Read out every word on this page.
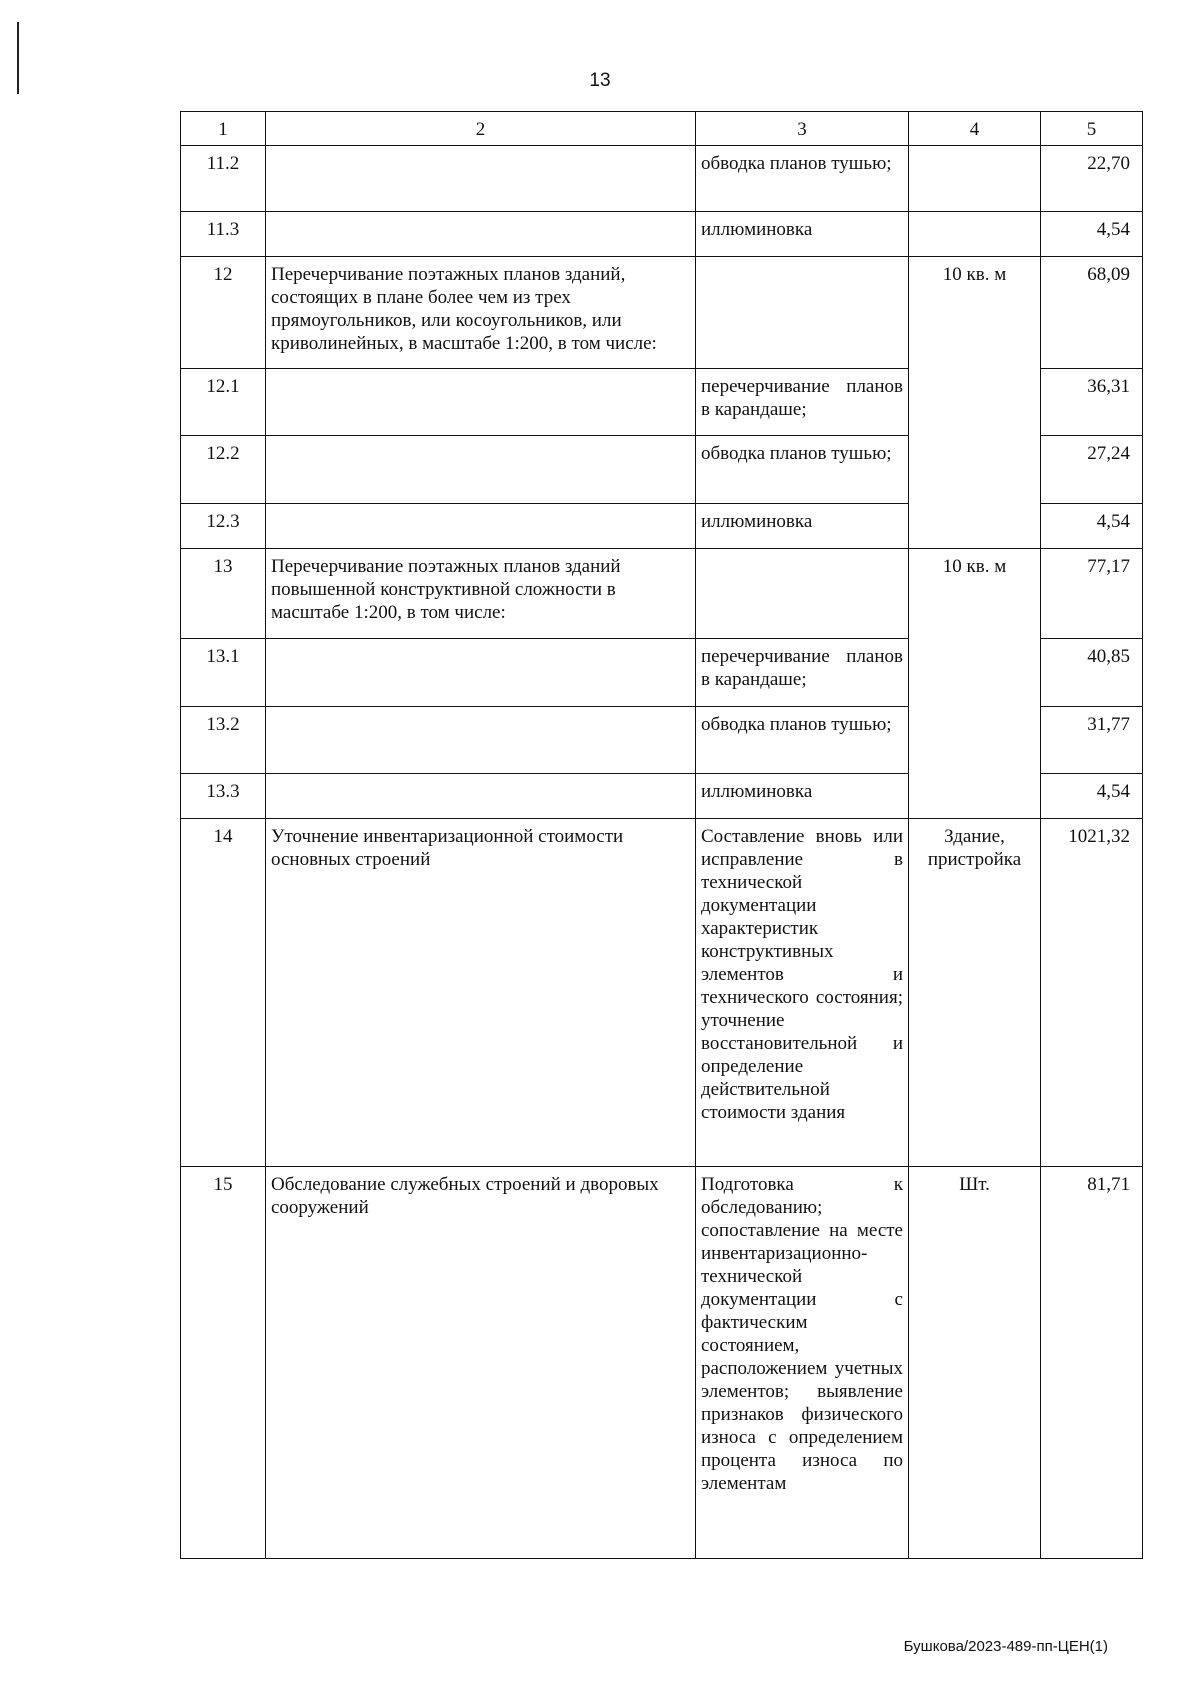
13
1	2	3	4	5
11.2		обводка планов тушью;		22,70
11.3		иллюминовка		4,54
12	Перечерчивание поэтажных планов зданий, состоящих в плане более чем из трех прямоугольников, или косоугольников, или криволинейных, в масштабе 1:200, в том числе:		10 кв. м	68,09
12.1		перечерчивание планов в карандаше;		36,31
12.2		обводка планов тушью;		27,24
12.3		иллюминовка		4,54
13	Перечерчивание поэтажных планов зданий повышенной конструктивной сложности в масштабе 1:200, в том числе:		10 кв. м	77,17
13.1		перечерчивание планов в карандаше;		40,85
13.2		обводка планов тушью;		31,77
13.3		иллюминовка		4,54
14	Уточнение инвентаризационной стоимости основных строений	Составление вновь или исправление в технической документации характеристик конструктивных элементов и технического состояния; уточнение восстановительной и определение действительной стоимости здания	Здание, пристройка	1021,32
15	Обследование служебных строений и дворовых сооружений	Подготовка к обследованию; сопоставление на месте инвентаризационно-технической документации с фактическим состоянием, расположением учетных элементов; выявление признаков физического износа с определением процента износа по элементам	Шт.	81,71
Бушкова/2023-489-пп-ЦЕН(1)
